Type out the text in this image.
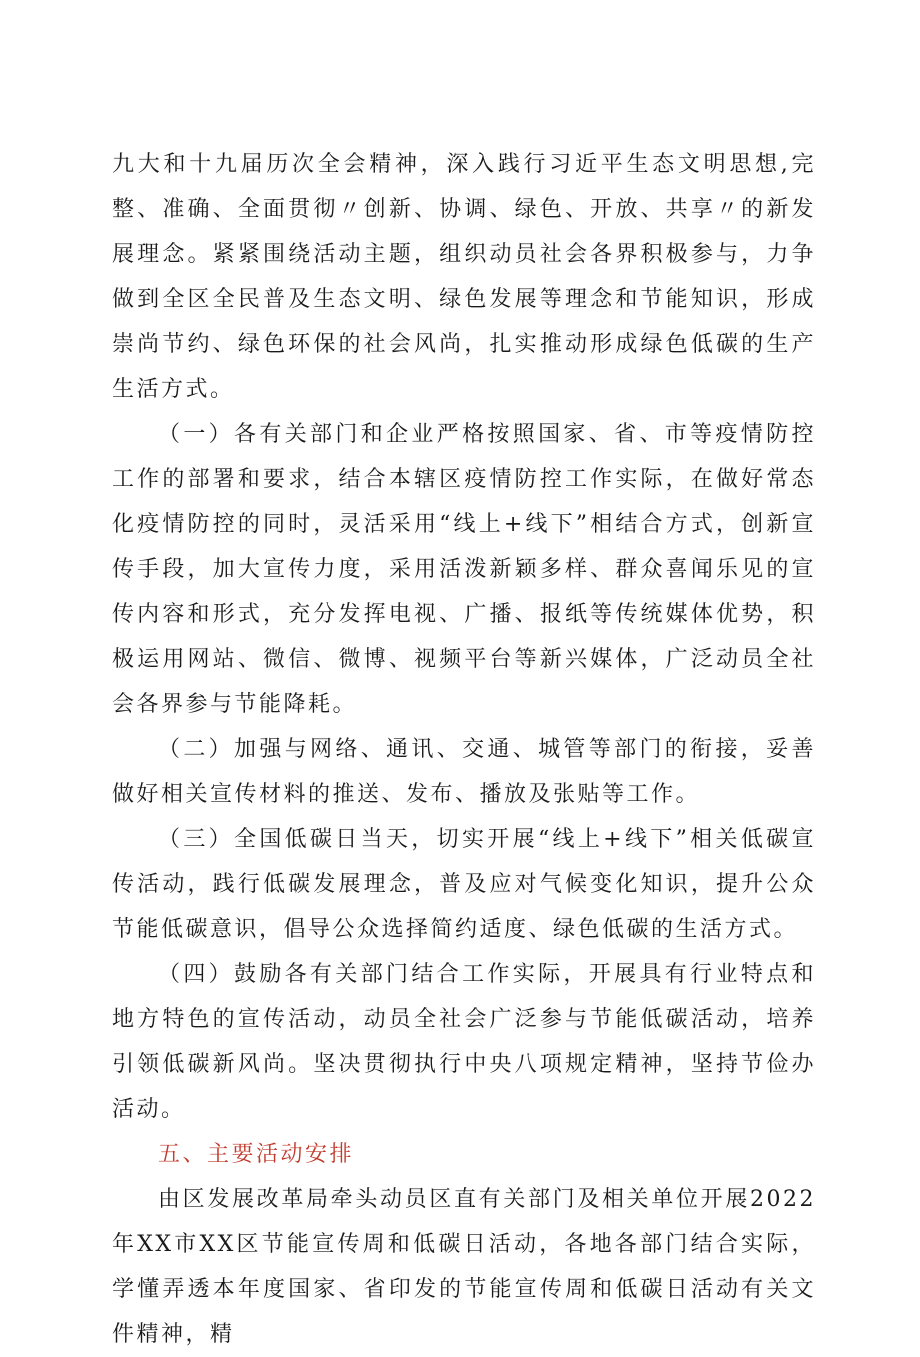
九大和十九届历次全会精神，深入践行习近平生态文明思想,完整、准确、全面贯彻〃创新、协调、绿色、开放、共享〃的新发展理念。紧紧围绕活动主题，组织动员社会各界积极参与，力争做到全区全民普及生态文明、绿色发展等理念和节能知识，形成崇尚节约、绿色环保的社会风尚，扎实推动形成绿色低碳的生产生活方式。

（一）各有关部门和企业严格按照国家、省、市等疫情防控工作的部署和要求，结合本辖区疫情防控工作实际，在做好常态化疫情防控的同时，灵活采用“线上+线下”相结合方式，创新宣传手段，加大宣传力度，采用活泼新颖多样、群众喜闻乐见的宣传内容和形式，充分发挥电视、广播、报纸等传统媒体优势，积极运用网站、微信、微博、视频平台等新兴媒体，广泛动员全社会各界参与节能降耗。

（二）加强与网络、通讯、交通、城管等部门的衔接，妥善做好相关宣传材料的推送、发布、播放及张贴等工作。

（三）全国低碳日当天，切实开展“线上+线下”相关低碳宣传活动，践行低碳发展理念，普及应对气候变化知识，提升公众节能低碳意识，倡导公众选择简约适度、绿色低碳的生活方式。

（四）鼓励各有关部门结合工作实际，开展具有行业特点和地方特色的宣传活动，动员全社会广泛参与节能低碳活动，培养引领低碳新风尚。坚决贯彻执行中央八项规定精神，坚持节俭办活动。

五、主要活动安排

由区发展改革局牵头动员区直有关部门及相关单位开展2022年XX市XX区节能宣传周和低碳日活动，各地各部门结合实际，学懂弄透本年度国家、省印发的节能宣传周和低碳日活动有关文件精神，精
